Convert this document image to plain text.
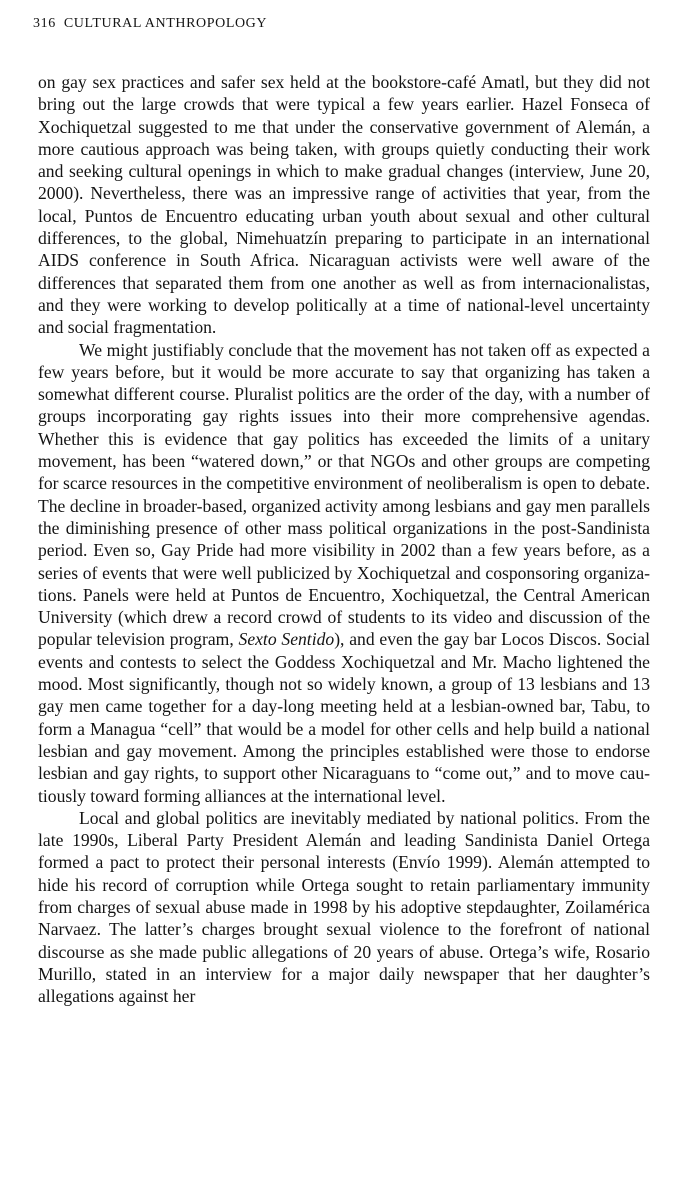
316 CULTURAL ANTHROPOLOGY

on gay sex practices and safer sex held at the bookstore-café Amatl, but they did not bring out the large crowds that were typical a few years earlier. Hazel Fonseca of Xochiquetzal suggested to me that under the conservative government of Alemán, a more cautious approach was being taken, with groups quietly conducting their work and seeking cultural openings in which to make gradual changes (interview, June 20, 2000). Nevertheless, there was an impressive range of activities that year, from the local, Puntos de Encuentro educating urban youth about sexual and other cultural differences, to the global, Nimehuatzín preparing to participate in an international AIDS conference in South Africa. Nicaraguan activists were well aware of the differences that separated them from one another as well as from internacionalistas, and they were working to develop politically at a time of national-level uncertainty and social fragmentation.

We might justifiably conclude that the movement has not taken off as expected a few years before, but it would be more accurate to say that organizing has taken a somewhat different course. Pluralist politics are the order of the day, with a number of groups incorporating gay rights issues into their more comprehensive agendas. Whether this is evidence that gay politics has exceeded the limits of a unitary movement, has been “watered down,” or that NGOs and other groups are competing for scarce resources in the competitive environment of neoliberalism is open to debate. The decline in broader-based, organized activity among lesbians and gay men parallels the diminishing presence of other mass political organizations in the post-Sandinista period. Even so, Gay Pride had more visibility in 2002 than a few years before, as a series of events that were well publicized by Xochiquetzal and cosponsoring organizations. Panels were held at Puntos de Encuentro, Xochiquetzal, the Central American University (which drew a record crowd of students to its video and discussion of the popular television program, Sexto Sentido), and even the gay bar Locos Discos. Social events and contests to select the Goddess Xochiquetzal and Mr. Macho lightened the mood. Most significantly, though not so widely known, a group of 13 lesbians and 13 gay men came together for a day-long meeting held at a lesbian-owned bar, Tabu, to form a Managua “cell” that would be a model for other cells and help build a national lesbian and gay movement. Among the principles established were those to endorse lesbian and gay rights, to support other Nicaraguans to “come out,” and to move cautiously toward forming alliances at the international level.

Local and global politics are inevitably mediated by national politics. From the late 1990s, Liberal Party President Alemán and leading Sandinista Daniel Ortega formed a pact to protect their personal interests (Envío 1999). Alemán attempted to hide his record of corruption while Ortega sought to retain parliamentary immunity from charges of sexual abuse made in 1998 by his adoptive stepdaughter, Zoilamérica Narvaez. The latter’s charges brought sexual violence to the forefront of national discourse as she made public allegations of 20 years of abuse. Ortega’s wife, Rosario Murillo, stated in an interview for a major daily newspaper that her daughter’s allegations against her
